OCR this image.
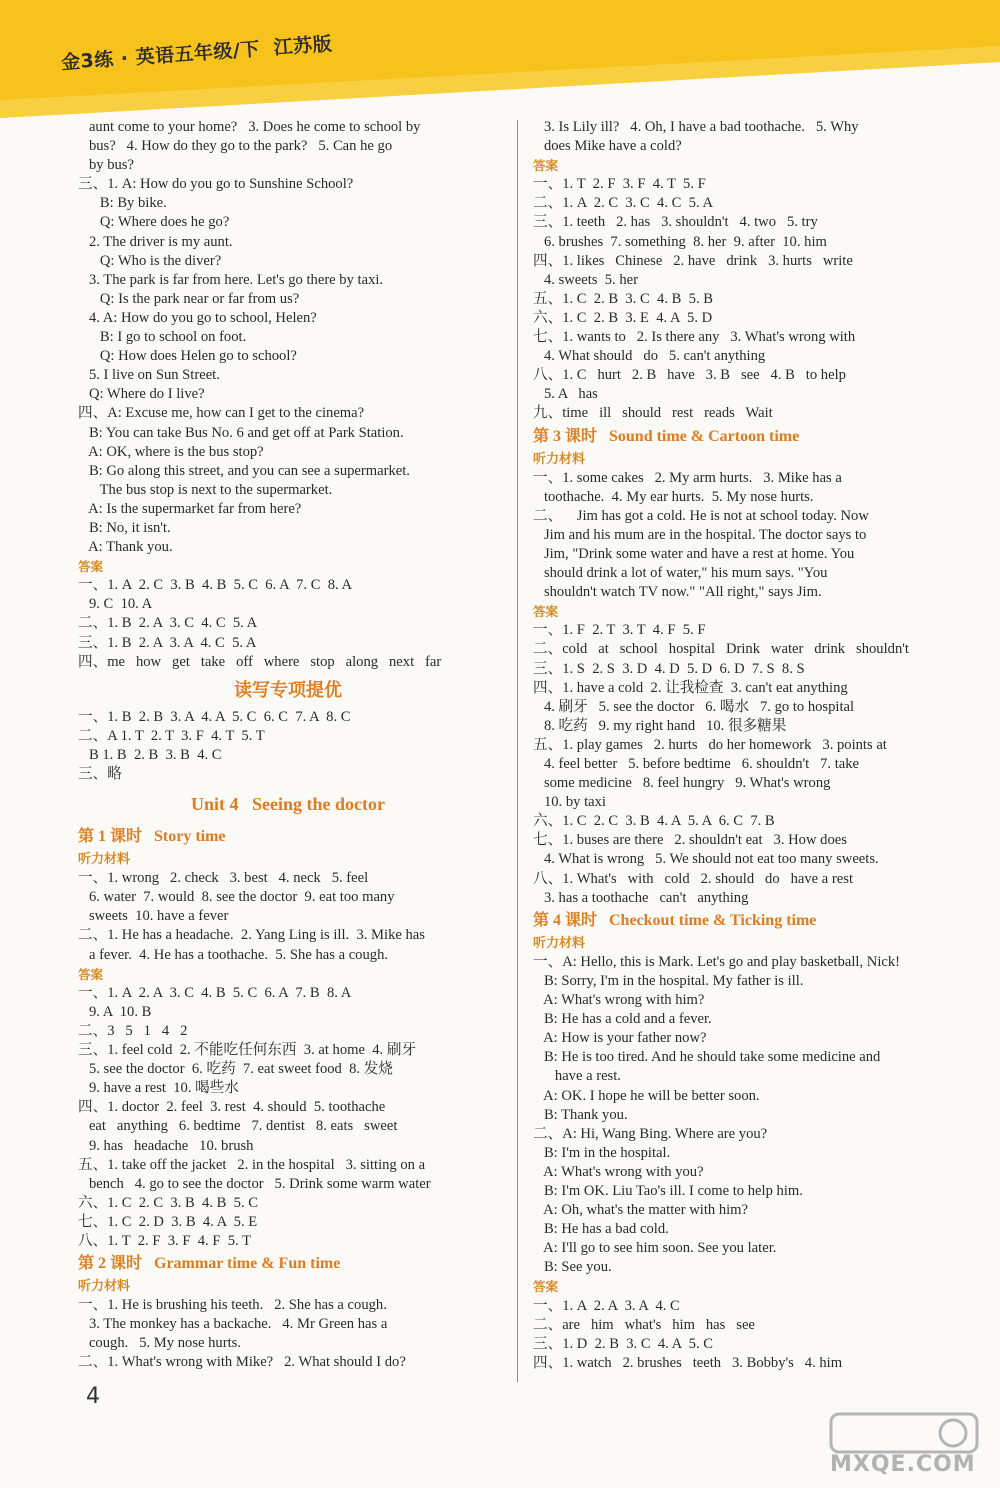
金3练 · 英语五年级/下 江苏版
aunt come to your home?   3. Does he come to school by
bus?   4. How do they go to the park?   5. Can he go
by bus?
三、1. A: How do you go to Sunshine School?
B: By bike.
Q: Where does he go?
2. The driver is my aunt.
Q: Who is the diver?
3. The park is far from here. Let's go there by taxi.
Q: Is the park near or far from us?
4. A: How do you go to school, Helen?
B: I go to school on foot.
Q: How does Helen go to school?
5. I live on Sun Street.
Q: Where do I live?
四、A: Excuse me, how can I get to the cinema?
B: You can take Bus No. 6 and get off at Park Station.
A: OK, where is the bus stop?
B: Go along this street, and you can see a supermarket.
The bus stop is next to the supermarket.
A: Is the supermarket far from here?
B: No, it isn't.
A: Thank you.
答案
一、1. A  2. C  3. B  4. B  5. C  6. A  7. C  8. A
9. C  10. A
二、1. B  2. A  3. C  4. C  5. A
三、1. B  2. A  3. A  4. C  5. A
四、me   how   get   take   off   where   stop   along   next   far
读写专项提优
一、1. B  2. B  3. A  4. A  5. C  6. C  7. A  8. C
二、A 1. T  2. T  3. F  4. T  5. T
B 1. B  2. B  3. B  4. C
三、略
Unit 4   Seeing the doctor
第 1 课时   Story time
听力材料
一、1. wrong   2. check   3. best   4. neck   5. feel
6. water  7. would  8. see the doctor  9. eat too many
sweets  10. have a fever
二、1. He has a headache.  2. Yang Ling is ill.  3. Mike has
a fever.  4. He has a toothache.  5. She has a cough.
答案
一、1. A  2. A  3. C  4. B  5. C  6. A  7. B  8. A
9. A  10. B
二、3   5   1   4   2
三、1. feel cold  2. 不能吃任何东西  3. at home  4. 刷牙
5. see the doctor  6. 吃药  7. eat sweet food  8. 发烧
9. have a rest  10. 喝些水
四、1. doctor  2. feel  3. rest  4. should  5. toothache
eat   anything   6. bedtime   7. dentist   8. eats   sweet
9. has   headache   10. brush
五、1. take off the jacket   2. in the hospital   3. sitting on a
bench   4. go to see the doctor   5. Drink some warm water
六、1. C  2. C  3. B  4. B  5. C
七、1. C  2. D  3. B  4. A  5. E
八、1. T  2. F  3. F  4. F  5. T
第 2 课时   Grammar time & Fun time
听力材料
一、1. He is brushing his teeth.   2. She has a cough.
3. The monkey has a backache.   4. Mr Green has a
cough.   5. My nose hurts.
二、1. What's wrong with Mike?   2. What should I do?
3. Is Lily ill?   4. Oh, I have a bad toothache.   5. Why
does Mike have a cold?
答案
一、1. T  2. F  3. F  4. T  5. F
二、1. A  2. C  3. C  4. C  5. A
三、1. teeth   2. has   3. shouldn't   4. two   5. try
6. brushes  7. something  8. her  9. after  10. him
四、1. likes   Chinese   2. have   drink   3. hurts   write
4. sweets  5. her
五、1. C  2. B  3. C  4. B  5. B
六、1. C  2. B  3. E  4. A  5. D
七、1. wants to   2. Is there any   3. What's wrong with
4. What should   do   5. can't anything
八、1. C   hurt   2. B   have   3. B   see   4. B   to help
5. A   has
九、time   ill   should   rest   reads   Wait
第 3 课时   Sound time & Cartoon time
听力材料
一、1. some cakes   2. My arm hurts.   3. Mike has a
toothache.  4. My ear hurts.  5. My nose hurts.
二、    Jim has got a cold. He is not at school today. Now
Jim and his mum are in the hospital. The doctor says to
Jim, "Drink some water and have a rest at home. You
should drink a lot of water," his mum says. "You
shouldn't watch TV now." "All right," says Jim.
答案
一、1. F  2. T  3. T  4. F  5. F
二、cold   at   school   hospital   Drink   water   drink   shouldn't
三、1. S  2. S  3. D  4. D  5. D  6. D  7. S  8. S
四、1. have a cold  2. 让我检查  3. can't eat anything
4. 刷牙   5. see the doctor   6. 喝水   7. go to hospital
8. 吃药   9. my right hand   10. 很多糖果
五、1. play games   2. hurts   do her homework   3. points at
4. feel better   5. before bedtime   6. shouldn't   7. take
some medicine   8. feel hungry   9. What's wrong
10. by taxi
六、1. C  2. C  3. B  4. A  5. A  6. C  7. B
七、1. buses are there   2. shouldn't eat   3. How does
4. What is wrong   5. We should not eat too many sweets.
八、1. What's   with   cold   2. should   do   have a rest
3. has a toothache   can't   anything
第 4 课时   Checkout time & Ticking time
听力材料
一、A: Hello, this is Mark. Let's go and play basketball, Nick!
B: Sorry, I'm in the hospital. My father is ill.
A: What's wrong with him?
B: He has a cold and a fever.
A: How is your father now?
B: He is too tired. And he should take some medicine and
have a rest.
A: OK. I hope he will be better soon.
B: Thank you.
二、A: Hi, Wang Bing. Where are you?
B: I'm in the hospital.
A: What's wrong with you?
B: I'm OK. Liu Tao's ill. I come to help him.
A: Oh, what's the matter with him?
B: He has a bad cold.
A: I'll go to see him soon. See you later.
B: See you.
答案
一、1. A  2. A  3. A  4. C
二、are   him   what's   him   has   see
三、1. D  2. B  3. C  4. A  5. C
四、1. watch   2. brushes   teeth   3. Bobby's   4. him
4
MXQE.COM
